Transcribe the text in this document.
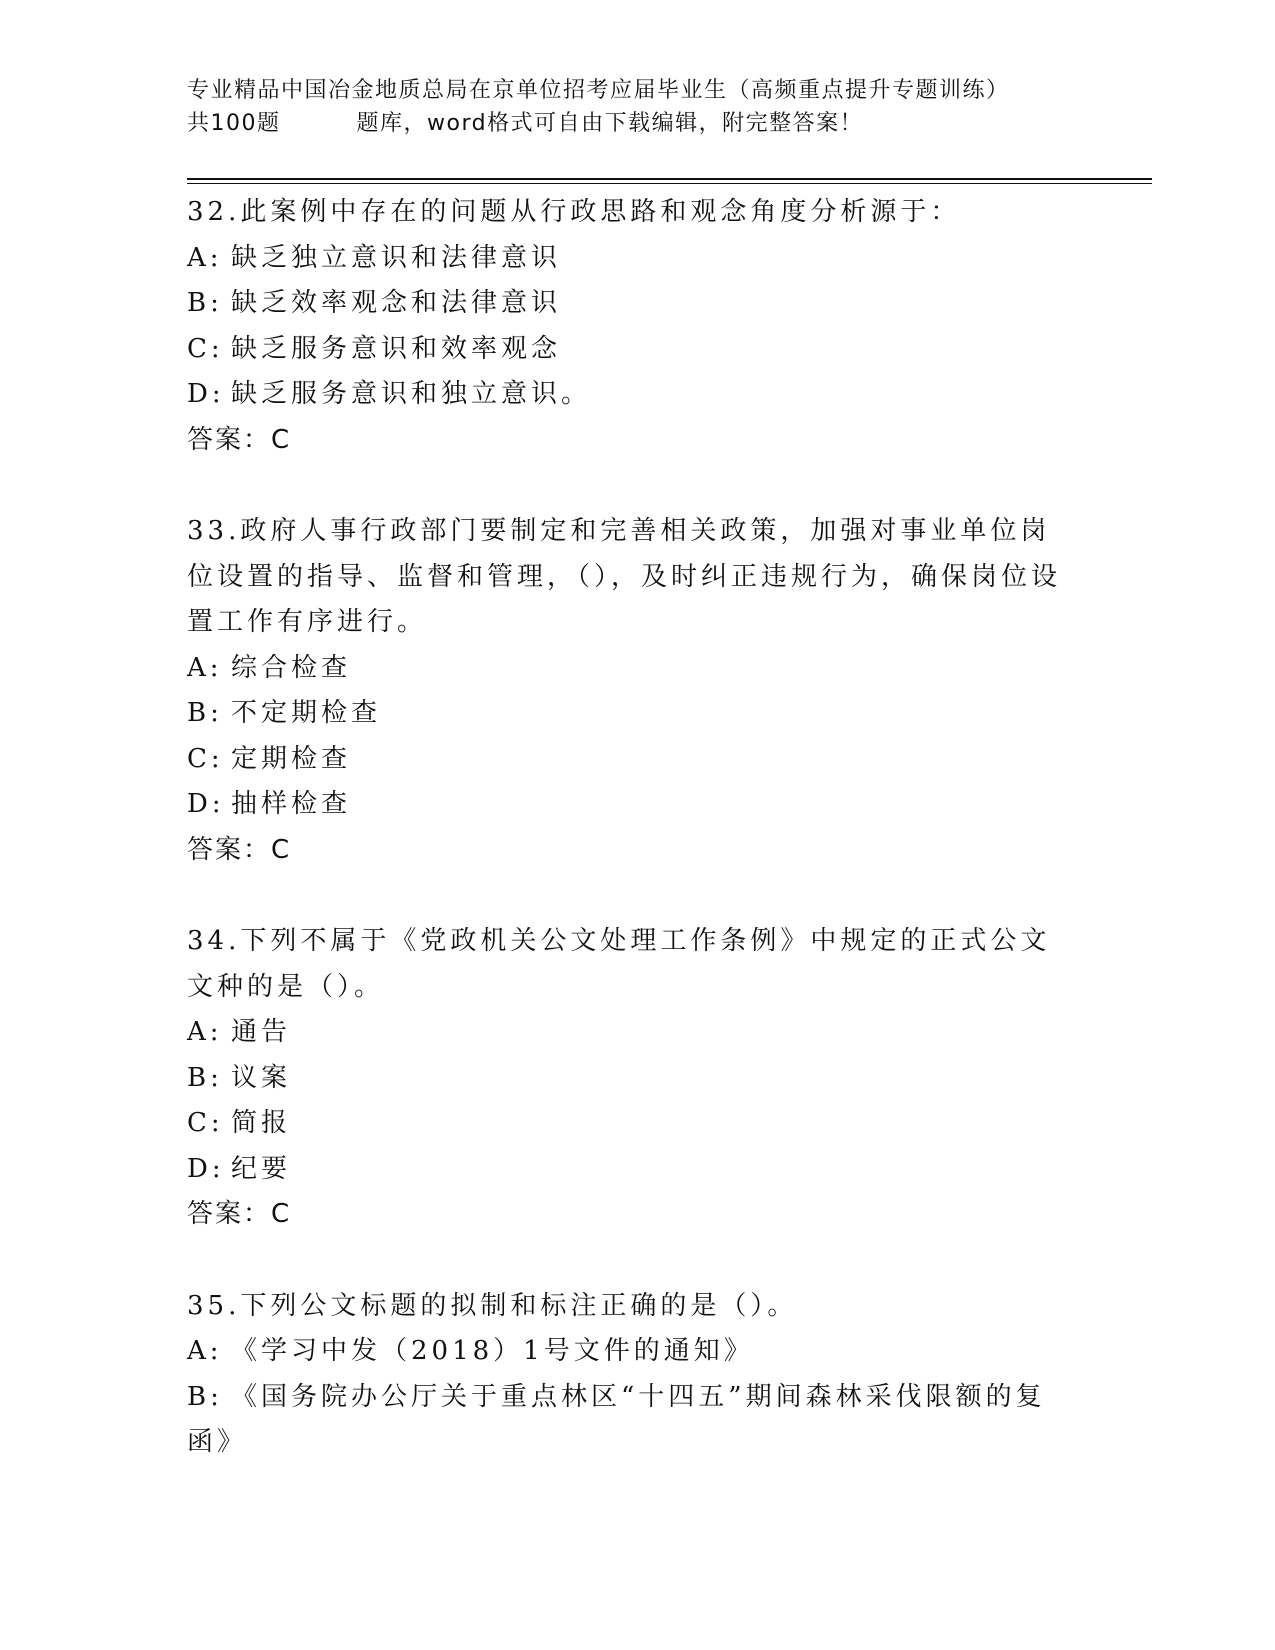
专业精品中国冶金地质总局在京单位招考应届毕业生（高频重点提升专题训练）
共100题	题库，word格式可自由下载编辑，附完整答案！

32.此案例中存在的问题从行政思路和观念角度分析源于：

A: 缺乏独立意识和法律意识

B: 缺乏效率观念和法律意识

C: 缺乏服务意识和效率观念

D: 缺乏服务意识和独立意识。

答案：C

33.政府人事行政部门要制定和完善相关政策，加强对事业单位岗位设置的指导、监督和管理，（），及时纠正违规行为，确保岗位设置工作有序进行。

A: 综合检查

B: 不定期检查

C: 定期检查

D: 抽样检查

答案：C

34.下列不属于《党政机关公文处理工作条例》中规定的正式公文文种的是（）。

A: 通告

B: 议案

C: 简报

D: 纪要

答案：C

35.下列公文标题的拟制和标注正确的是（）。

A: 《学习中发（2018）1号文件的通知》

B: 《国务院办公厅关于重点林区“十四五”期间森林采伐限额的复函》
